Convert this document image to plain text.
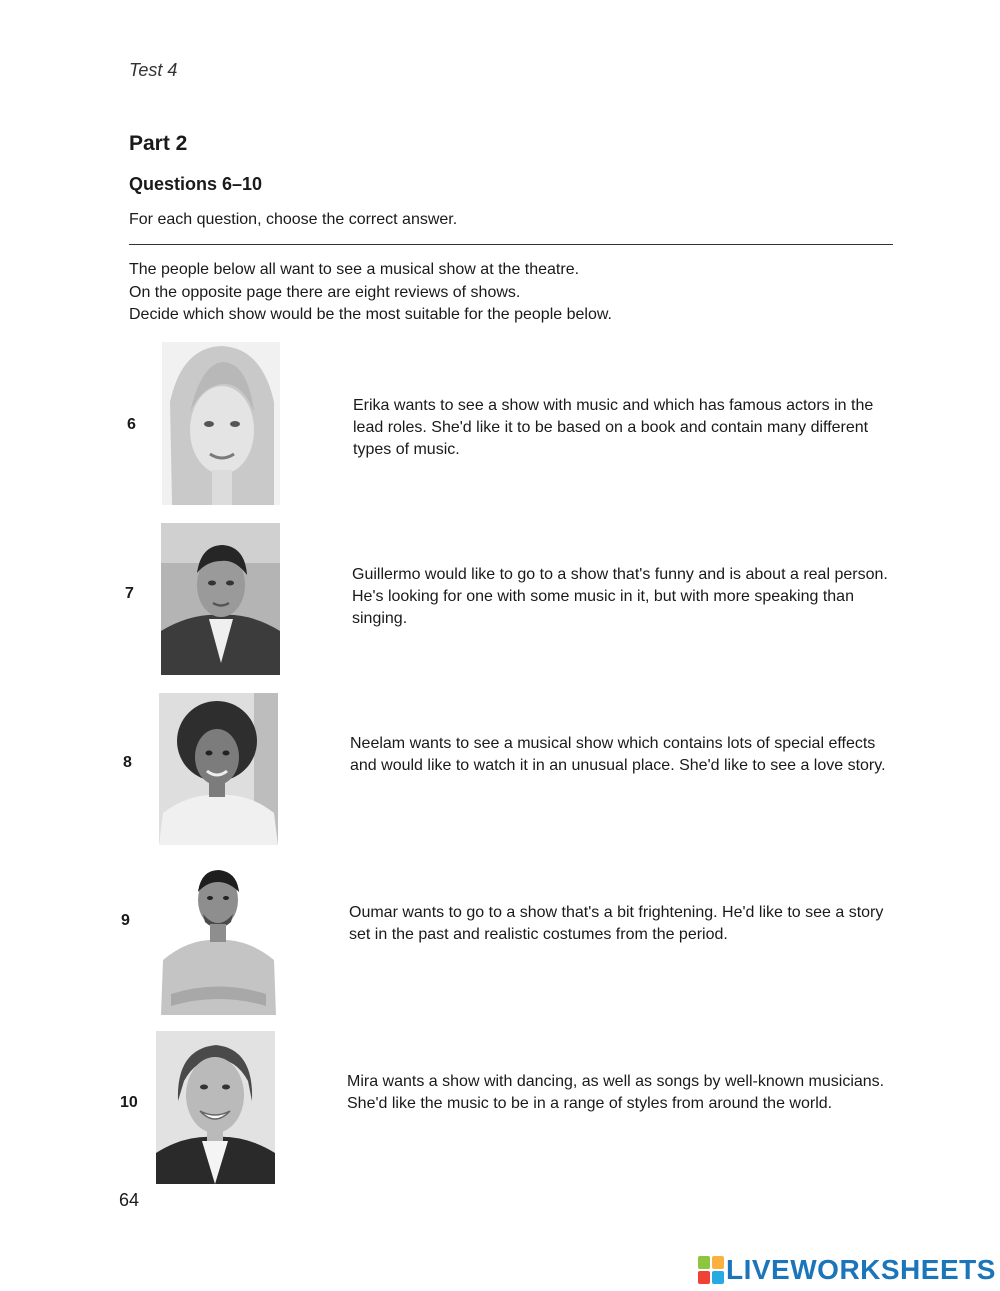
Test 4
Part 2
Questions 6–10
For each question, choose the correct answer.
The people below all want to see a musical show at the theatre.
On the opposite page there are eight reviews of shows.
Decide which show would be the most suitable for the people below.
6
Erika wants to see a show with music and which has famous actors in the lead roles. She'd like it to be based on a book and contain many different types of music.
7
Guillermo would like to go to a show that's funny and is about a real person. He's looking for one with some music in it, but with more speaking than singing.
8
Neelam wants to see a musical show which contains lots of special effects and would like to watch it in an unusual place. She'd like to see a love story.
9	Oumar wants to go to a show that's a bit frightening. He'd like to see a story set in the past and realistic costumes from the period.
10
Mira wants a show with dancing, as well as songs by well-known musicians. She'd like the music to be in a range of styles from around the world.
64
LIVEWORKSHEETS
